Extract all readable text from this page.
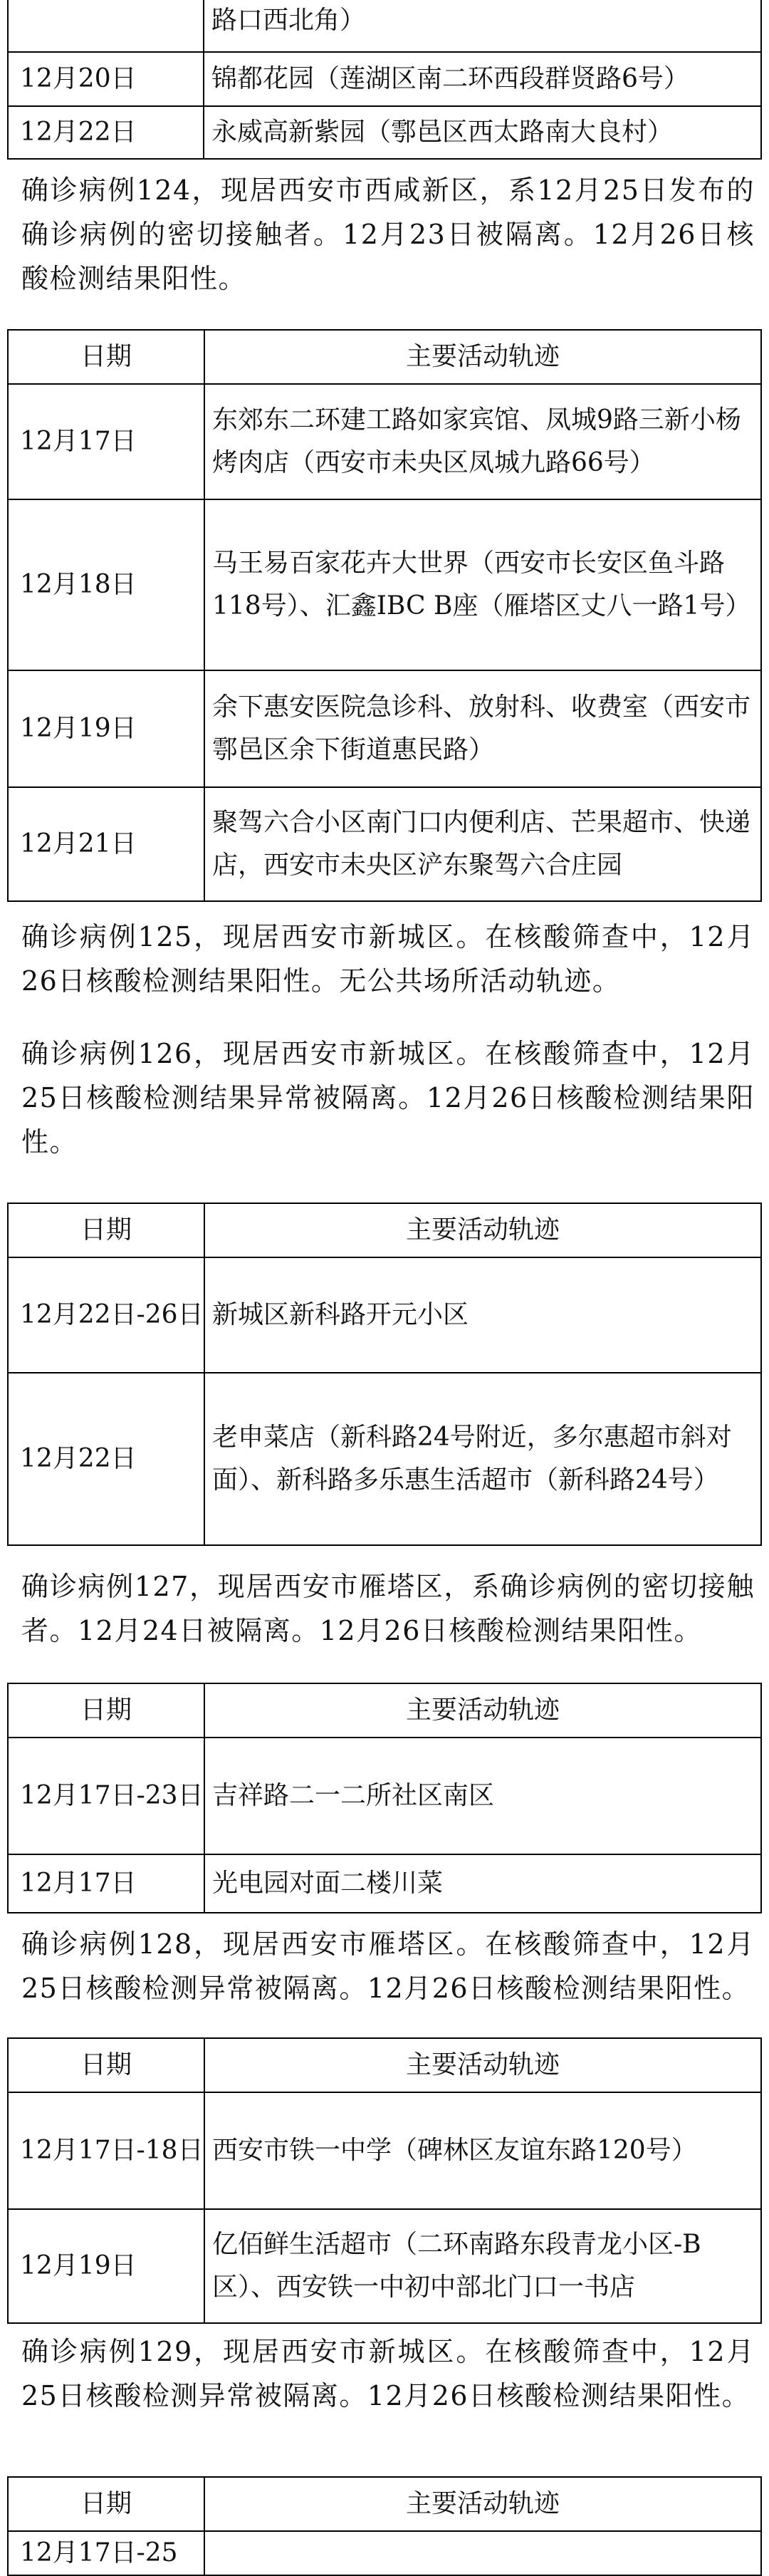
	路口西北角）
12月20日	锦都花园（莲湖区南二环西段群贤路6号）
12月22日	永威高新紫园（鄠邑区西太路南大良村）

确诊病例124，现居西安市西咸新区，系12月25日发布的确诊病例的密切接触者。12月23日被隔离。12月26日核酸检测结果阳性。

日期	主要活动轨迹
12月17日	东郊东二环建工路如家宾馆、凤城9路三新小杨烤肉店（西安市未央区凤城九路66号）
12月18日	马王易百家花卉大世界（西安市长安区鱼斗路118号）、汇鑫IBC B座（雁塔区丈八一路1号）
12月19日	余下惠安医院急诊科、放射科、收费室（西安市鄠邑区余下街道惠民路）
12月21日	聚驾六合小区南门口内便利店、芒果超市、快递店，西安市未央区浐东聚驾六合庄园

确诊病例125，现居西安市新城区。在核酸筛查中，12月26日核酸检测结果阳性。无公共场所活动轨迹。

确诊病例126，现居西安市新城区。在核酸筛查中，12月25日核酸检测结果异常被隔离。12月26日核酸检测结果阳性。

日期	主要活动轨迹
12月22日-26日	新城区新科路开元小区
12月22日	老申菜店（新科路24号附近，多尔惠超市斜对面）、新科路多乐惠生活超市（新科路24号）

确诊病例127，现居西安市雁塔区，系确诊病例的密切接触者。12月24日被隔离。12月26日核酸检测结果阳性。

日期	主要活动轨迹
12月17日-23日	吉祥路二一二所社区南区
12月17日	光电园对面二楼川菜

确诊病例128，现居西安市雁塔区。在核酸筛查中，12月25日核酸检测异常被隔离。12月26日核酸检测结果阳性。

日期	主要活动轨迹
12月17日-18日	西安市铁一中学（碑林区友谊东路120号）
12月19日	亿佰鲜生活超市（二环南路东段青龙小区-B区）、西安铁一中初中部北门口一书店

确诊病例129，现居西安市新城区。在核酸筛查中，12月25日核酸检测异常被隔离。12月26日核酸检测结果阳性。

日期	主要活动轨迹
12月17日-25	
